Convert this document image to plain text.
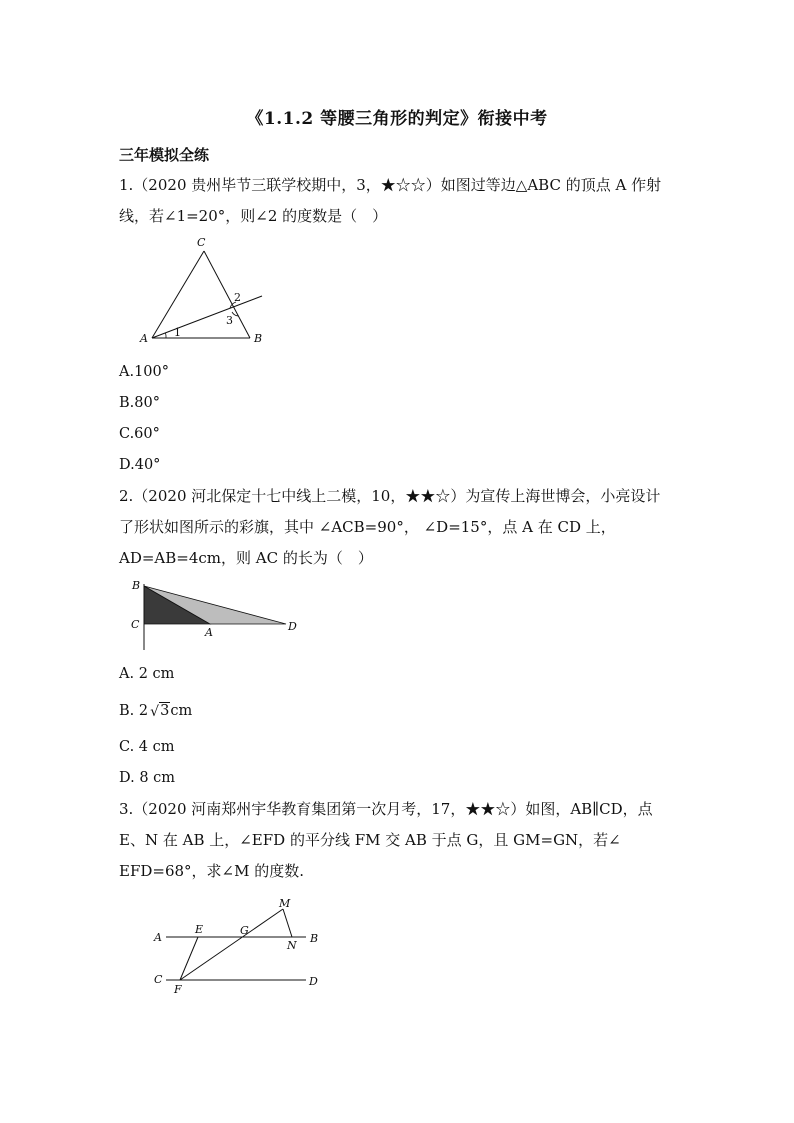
《1.1.2 等腰三角形的判定》衔接中考
三年模拟全练
1.（2020 贵州毕节三联学校期中，3，★☆☆）如图过等边△ABC 的顶点 A 作射
线，若∠1=20°，则∠2 的度数是（　）
A	B
C
1
2
3
A.100°
B.80°
C.60°
D.40°
2.（2020 河北保定十七中线上二模，10，★★☆）为宣传上海世博会，小亮设计
了形状如图所示的彩旗，其中 ∠ACB=90°， ∠D=15°，点 A 在 CD 上，
AD=AB=4cm，则 AC 的长为（　）
B
C
A	D
A. 2 cm
B. 2 √ 3cm
C. 4 cm
D. 8 cm
3.（2020 河南郑州宇华教育集团第一次月考，17，★★☆）如图，AB∥CD，点
E、N 在 AB 上，∠EFD 的平分线 FM 交 AB 于点 G，且 GM=GN，若∠
EFD=68°，求∠M 的度数.
A	B
C	D
E
F
G
M
N
